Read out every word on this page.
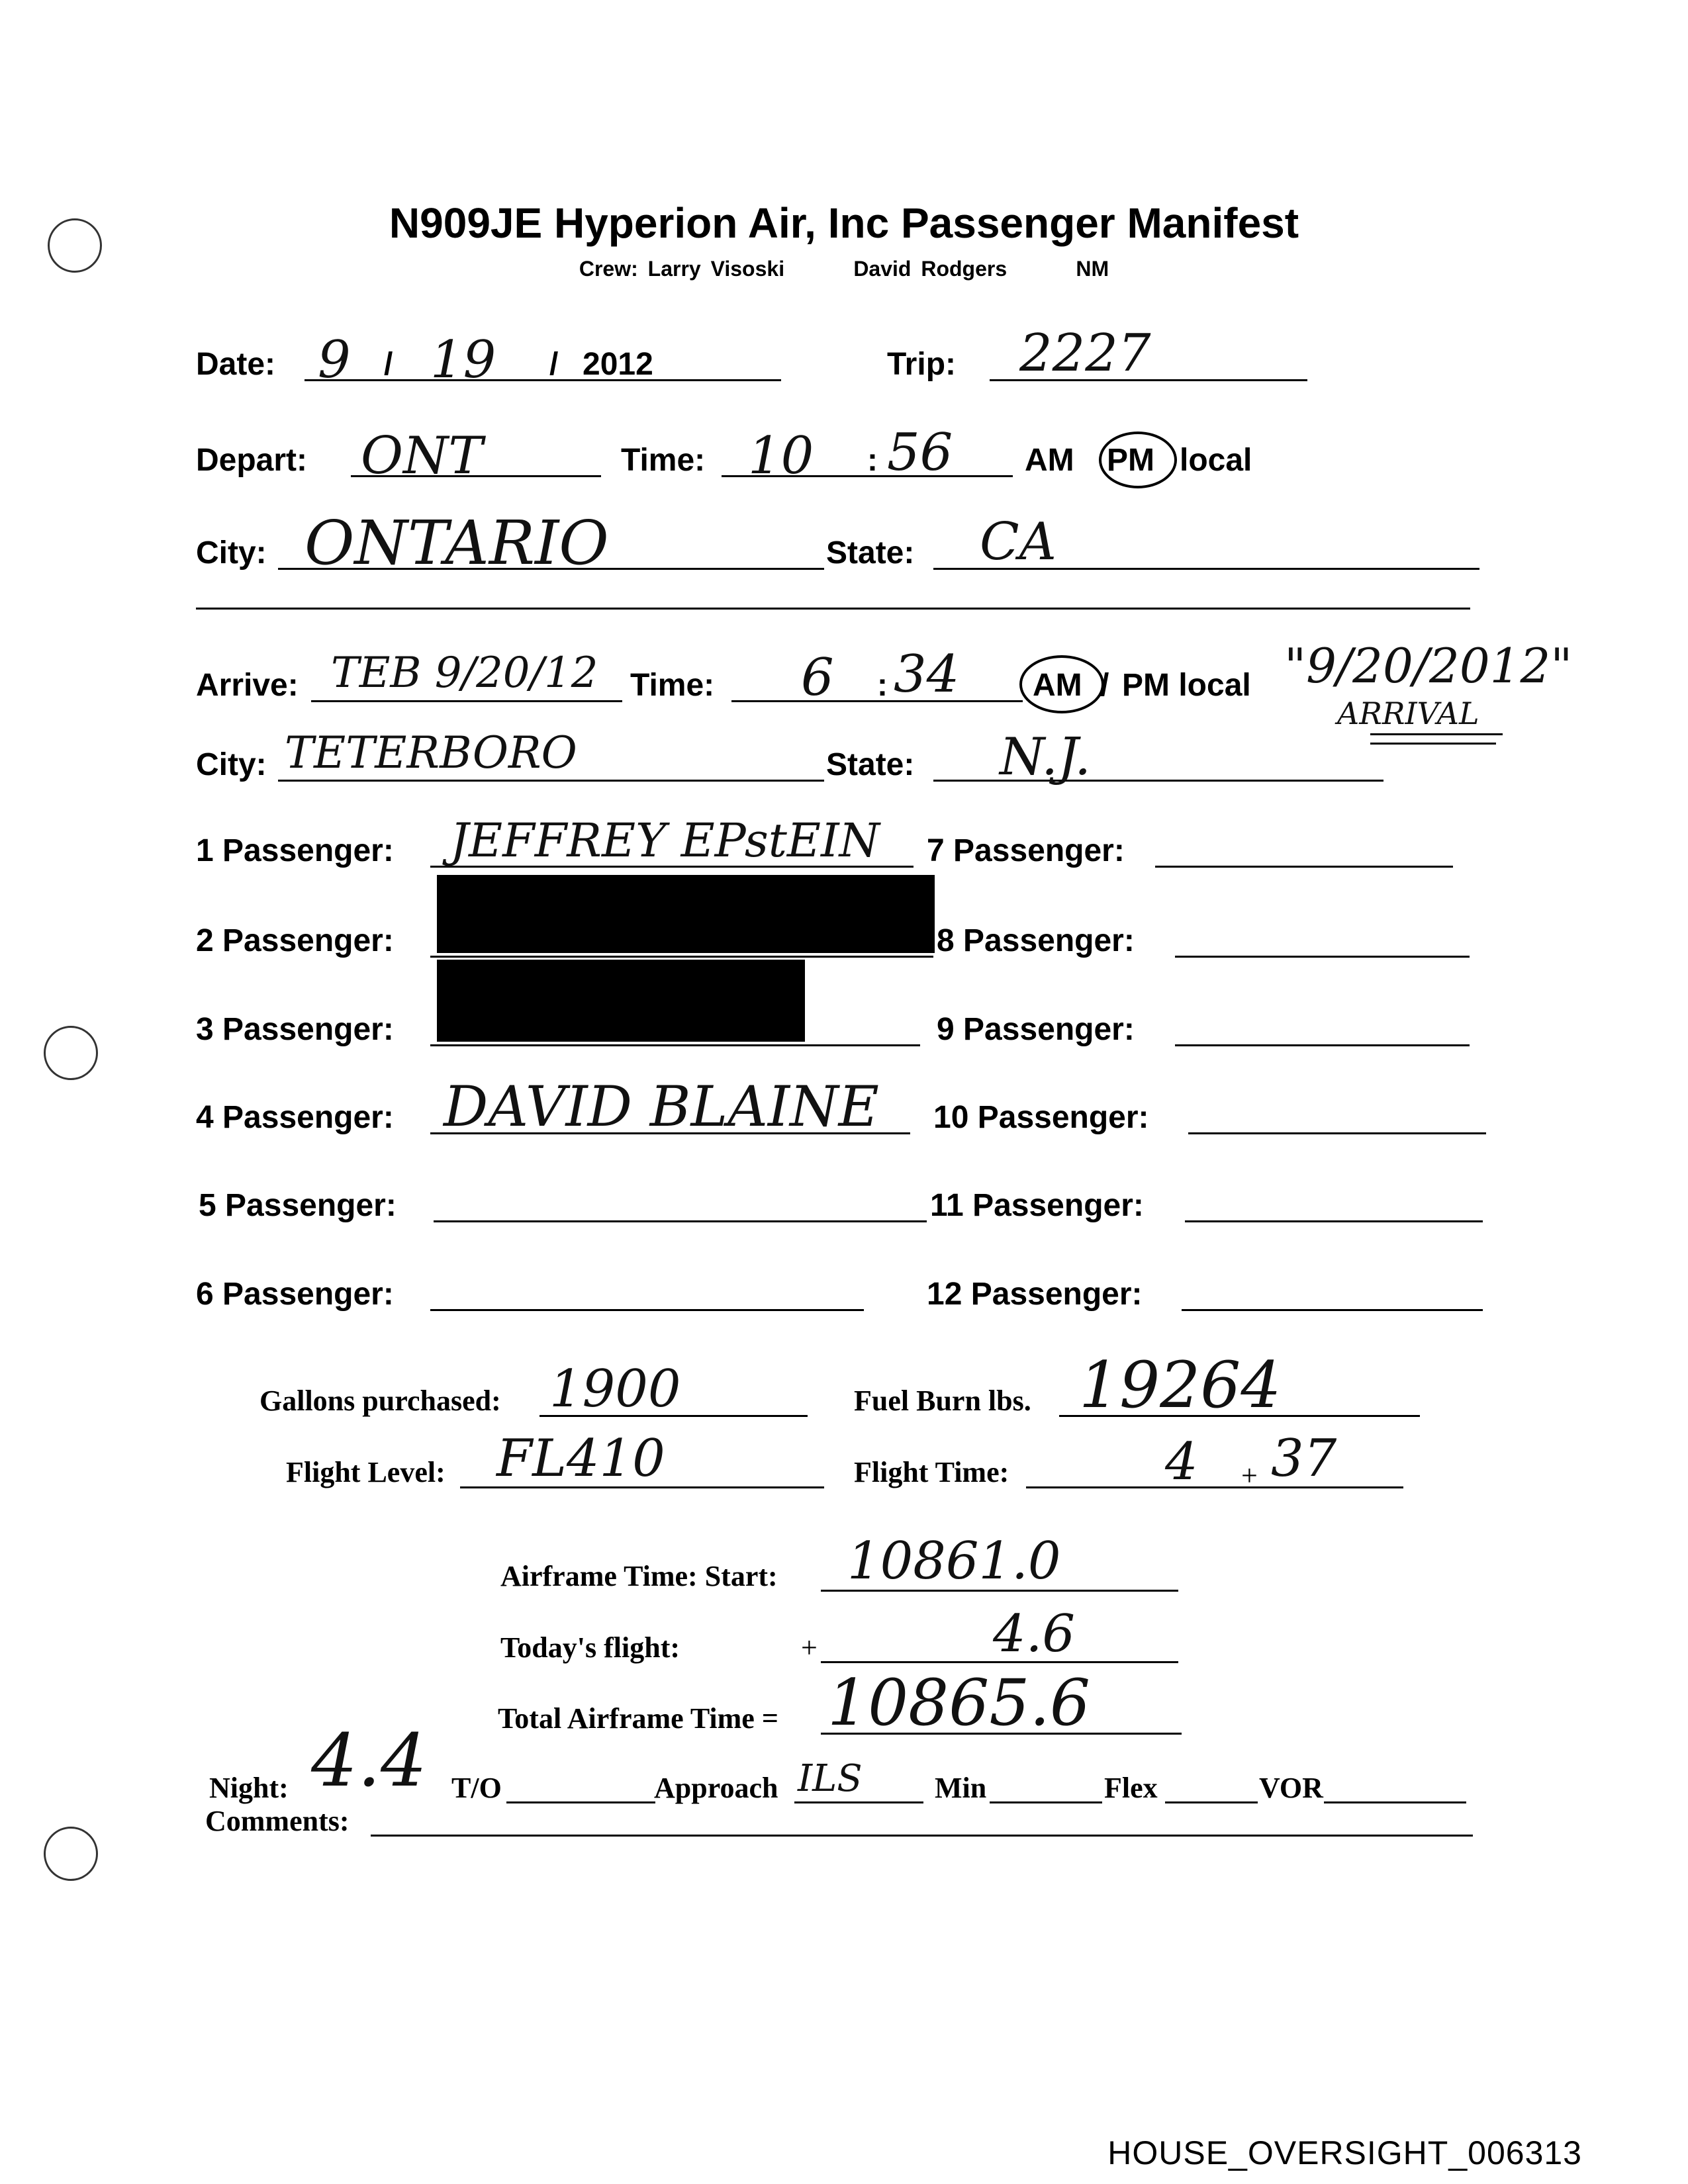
N909JE Hyperion Air, Inc Passenger Manifest
Crew: Larry Visoski	David Rodgers	NM
Date: 9 / 19 / 2012	Trip: 2227
Depart: ONT	Time: 10 : 56 AM PM local
City: ONTARIO	State: CA
Arrive: TEB 9/20/12 Time: 6 : 34 AM / PM local "9/20/2012"
ARRIVAL
City: TETERBORO	State: N.J.
1 Passenger: JEFFREY EPstEIN
2 Passenger:
3 Passenger:
4 Passenger: DAVID BLAINE
5 Passenger:
6 Passenger:
7 Passenger:
8 Passenger:
9 Passenger:
10 Passenger:
11 Passenger:
12 Passenger:
Gallons purchased: 1900	Fuel Burn lbs. 19264
Flight Level: FL410	Flight Time:	4 + 37
Airframe Time: Start: 10861.0
Today's flight:	+	4.6
Total Airframe Time = 10865.6
Night: 4.4 T/O	Approach ILS Min	Flex	VOR
Comments:
HOUSE_OVERSIGHT_006313
